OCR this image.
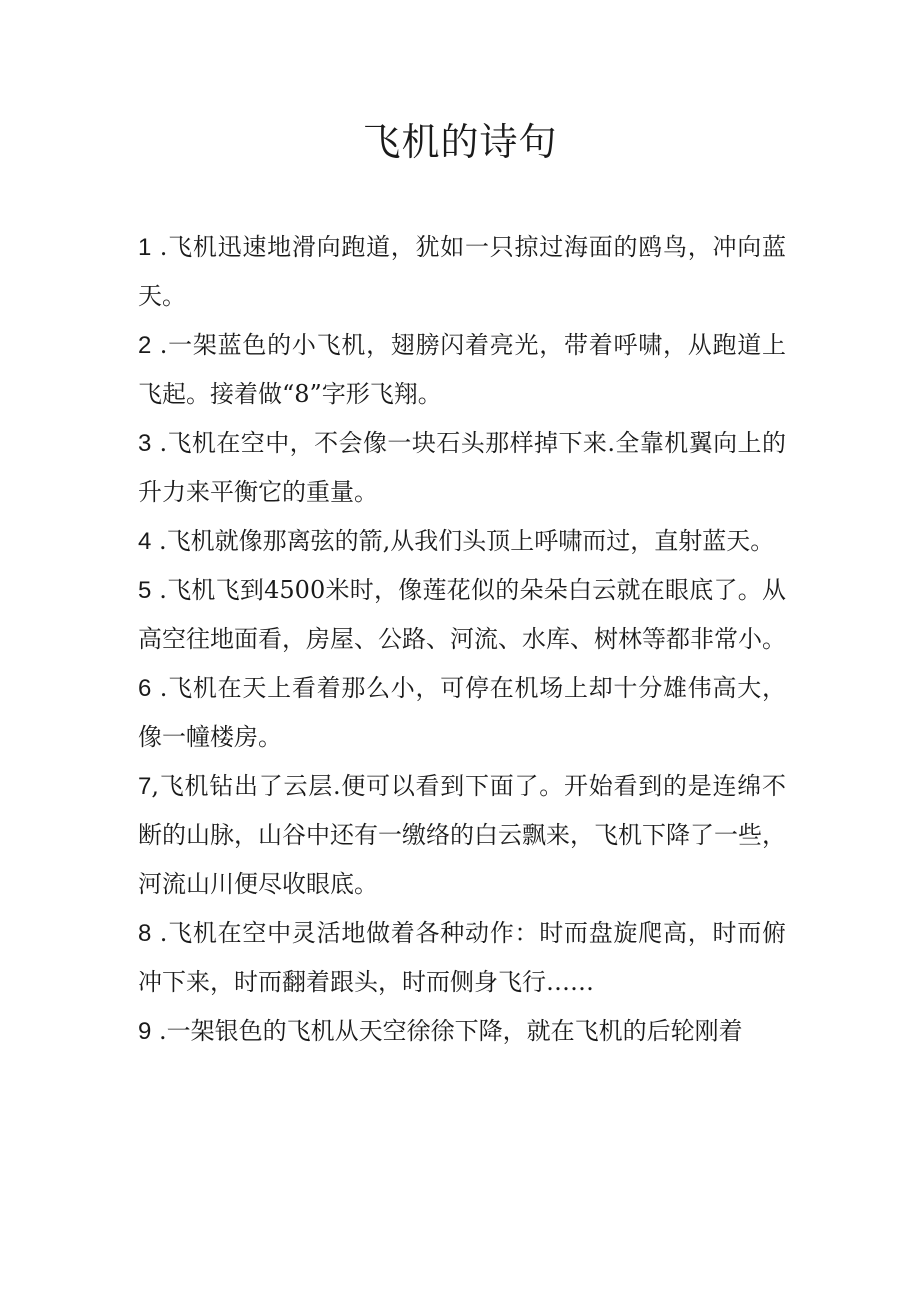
飞机的诗句

1 .飞机迅速地滑向跑道，犹如一只掠过海面的鸥鸟，冲向蓝天。

2 .一架蓝色的小飞机，翅膀闪着亮光，带着呼啸，从跑道上飞起。接着做“8”字形飞翔。

3 .飞机在空中，不会像一块石头那样掉下来.全靠机翼向上的升力来平衡它的重量。

4 .飞机就像那离弦的箭,从我们头顶上呼啸而过，直射蓝天。

5 .飞机飞到4500米时，像莲花似的朵朵白云就在眼底了。从高空往地面看，房屋、公路、河流、水库、树林等都非常小。

6 .飞机在天上看着那么小，可停在机场上却十分雄伟高大，像一幢楼房。

7,飞机钻出了云层.便可以看到下面了。开始看到的是连绵不断的山脉，山谷中还有一缴络的白云飘来，飞机下降了一些，河流山川便尽收眼底。

8 .飞机在空中灵活地做着各种动作：时而盘旋爬高，时而俯冲下来，时而翻着跟头，时而侧身飞行……

9 .一架银色的飞机从天空徐徐下降，就在飞机的后轮刚着
